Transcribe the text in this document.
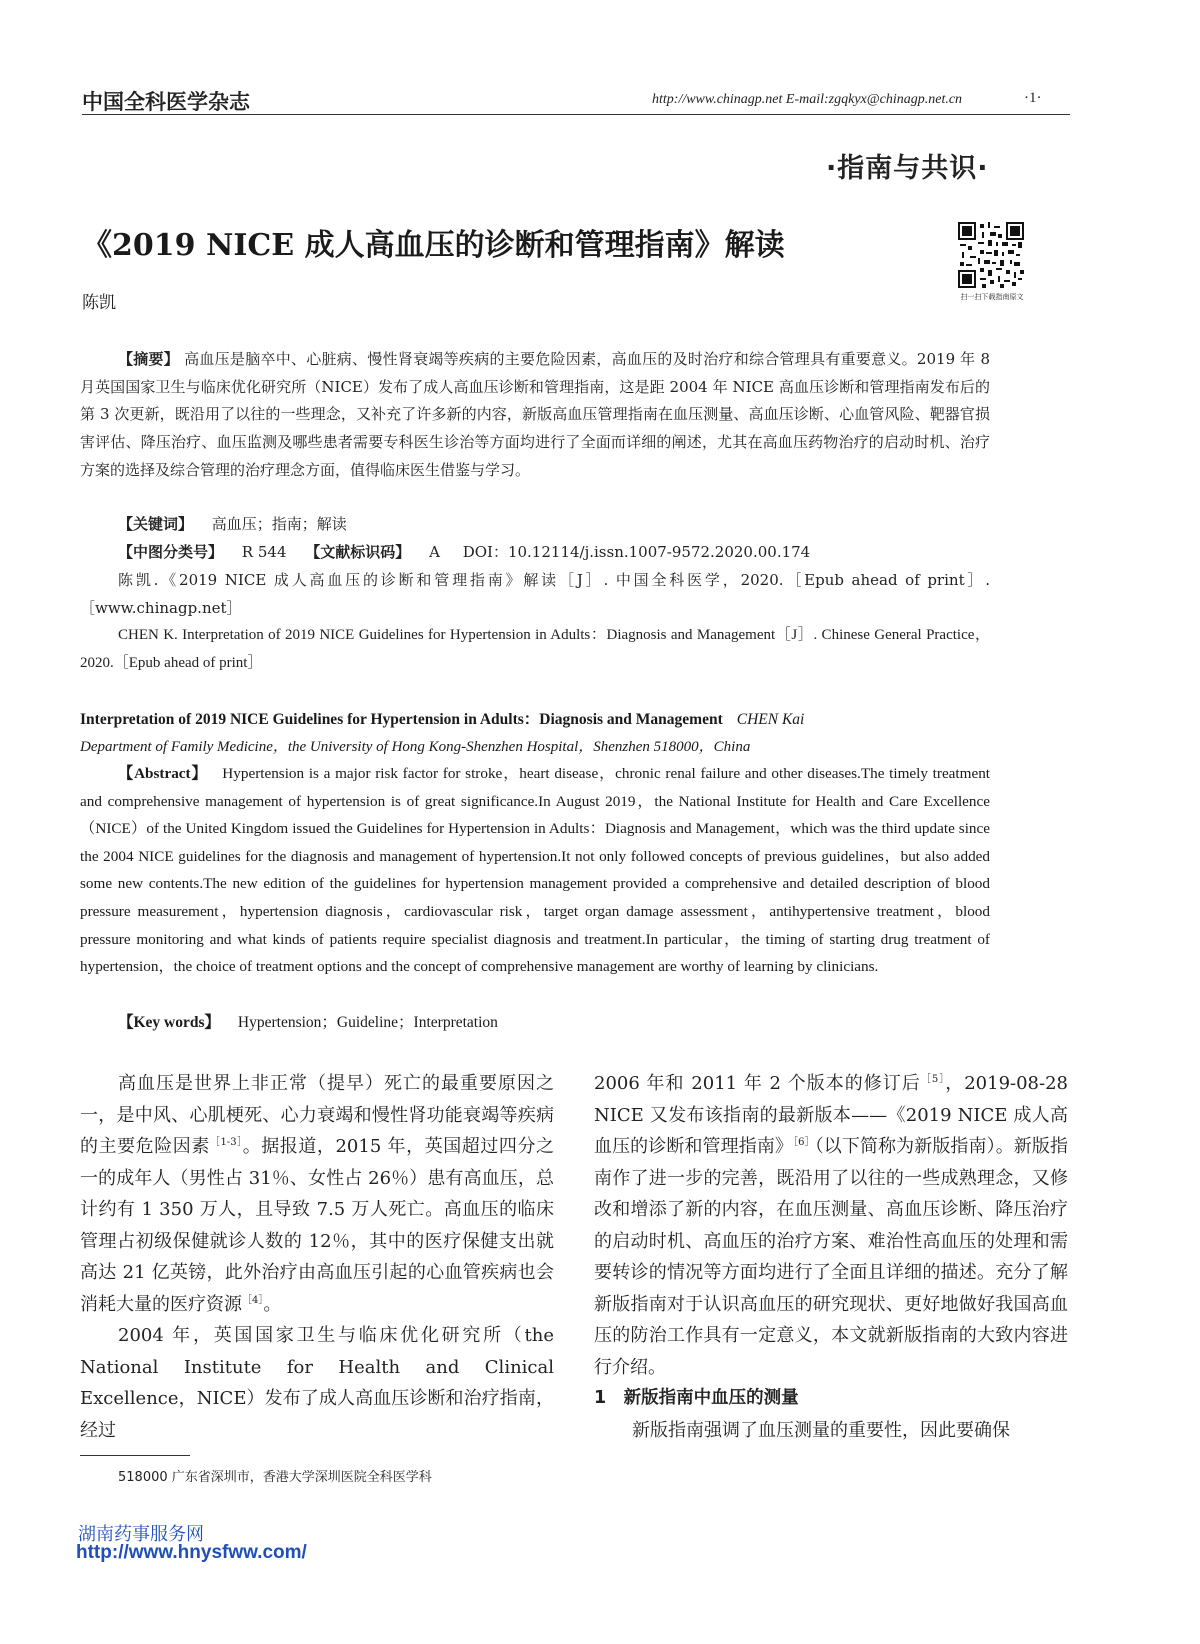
中国全科医学杂志	http://www.chinagp.net E-mail:zgqkyx@chinagp.net.cn	·1·
·指南与共识·
《2019 NICE 成人高血压的诊断和管理指南》解读
陈凯	扫一扫下载指南原文
【摘要】 高血压是脑卒中、心脏病、慢性肾衰竭等疾病的主要危险因素，高血压的及时治疗和综合管理具有重要意义。2019 年 8 月英国国家卫生与临床优化研究所（NICE）发布了成人高血压诊断和管理指南，这是距 2004 年 NICE 高血压诊断和管理指南发布后的第 3 次更新，既沿用了以往的一些理念，又补充了许多新的内容，新版高血压管理指南在血压测量、高血压诊断、心血管风险、靶器官损害评估、降压治疗、血压监测及哪些患者需要专科医生诊治等方面均进行了全面而详细的阐述，尤其在高血压药物治疗的启动时机、治疗方案的选择及综合管理的治疗理念方面，值得临床医生借鉴与学习。
【关键词】 高血压；指南；解读
【中图分类号】 R 544 【文献标识码】 A DOI：10.12114/j.issn.1007-9572.2020.00.174
陈凯.《2019 NICE 成人高血压的诊断和管理指南》解读［J］. 中国全科医学，2020.［Epub ahead of print］.［www.chinagp.net］
CHEN K. Interpretation of 2019 NICE Guidelines for Hypertension in Adults：Diagnosis and Management［J］. Chinese General Practice，2020.［Epub ahead of print］
Interpretation of 2019 NICE Guidelines for Hypertension in Adults：Diagnosis and Management CHEN Kai
Department of Family Medicine，the University of Hong Kong-Shenzhen Hospital，Shenzhen 518000，China
【Abstract】 Hypertension is a major risk factor for stroke，heart disease，chronic renal failure and other diseases.The timely treatment and comprehensive management of hypertension is of great significance.In August 2019，the National Institute for Health and Care Excellence（NICE）of the United Kingdom issued the Guidelines for Hypertension in Adults：Diagnosis and Management，which was the third update since the 2004 NICE guidelines for the diagnosis and management of hypertension.It not only followed concepts of previous guidelines，but also added some new contents.The new edition of the guidelines for hypertension management provided a comprehensive and detailed description of blood pressure measurement，hypertension diagnosis，cardiovascular risk，target organ damage assessment，antihypertensive treatment，blood pressure monitoring and what kinds of patients require specialist diagnosis and treatment.In particular，the timing of starting drug treatment of hypertension，the choice of treatment options and the concept of comprehensive management are worthy of learning by clinicians.
【Key words】 Hypertension；Guideline；Interpretation

高血压是世界上非正常（提早）死亡的最重要原因之一，是中风、心肌梗死、心力衰竭和慢性肾功能衰竭等疾病的主要危险因素$^{[1-3]}$。据报道，2015 年，英国超过四分之一的成年人（男性占 31％、女性占 26％）患有高血压，总计约有 1 350 万人，且导致 7.5 万人死亡。高血压的临床管理占初级保健就诊人数的 12％，其中的医疗保健支出就高达 21 亿英镑，此外治疗由高血压引起的心血管疾病也会消耗大量的医疗资源$^{[4]}$。

2004 年，英国国家卫生与临床优化研究所（the National Institute for Health and Clinical Excellence，NICE）发布了成人高血压诊断和治疗指南，经过

2006 年和 2011 年 2 个版本的修订后$^{[5]}$，2019-08-28 NICE 又发布该指南的最新版本——《2019 NICE 成人高血压的诊断和管理指南》$^{[6]}$（以下简称为新版指南）。新版指南作了进一步的完善，既沿用了以往的一些成熟理念，又修改和增添了新的内容，在血压测量、高血压诊断、降压治疗的启动时机、高血压的治疗方案、难治性高血压的处理和需要转诊的情况等方面均进行了全面且详细的描述。充分了解新版指南对于认识高血压的研究现状、更好地做好我国高血压的防治工作具有一定意义，本文就新版指南的大致内容进行介绍。

1　新版指南中血压的测量

新版指南强调了血压测量的重要性，因此要确保

518000 广东省深圳市，香港大学深圳医院全科医学科
湖南药事服务网
http://www.hnysfww.com/
